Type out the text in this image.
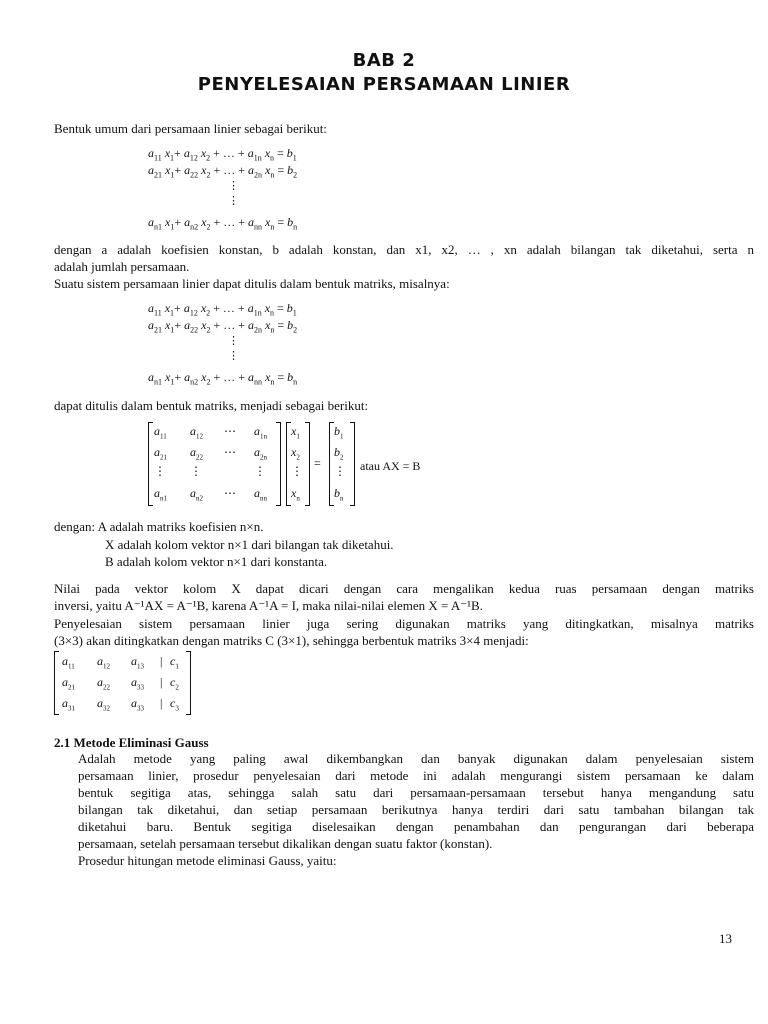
BAB 2
PENYELESAIAN PERSAMAAN LINIER
Bentuk umum dari persamaan linier sebagai berikut:
$a_{11}$ $x_1+ a_{12}$ $x_2$ + … + $a_{1n}$ $x_n = b_1$
$a_{21}$ $x_1+ a_{22}$ $x_2$ + … + $a_{2n}$ $x_n = b_2$
⋮
⋮
$a_{n1}$ $x_1+ a_{n2}$ $x_2$ + … + $a_{nn}$ $x_n = b_n$
dengan a adalah koefisien konstan, b adalah konstan, dan x1, x2, … , xn adalah bilangan tak diketahui, serta n
adalah jumlah persamaan.
Suatu sistem persamaan linier dapat ditulis dalam bentuk matriks, misalnya:
$a_{11}$ $x_1+ a_{12}$ $x_2$ + … + $a_{1n}$ $x_n = b_1$
$a_{21}$ $x_1+ a_{22}$ $x_2$ + … + $a_{2n}$ $x_n = b_2$
⋮
⋮
$a_{n1}$ $x_1+ a_{n2}$ $x_2$ + … + $a_{nn}$ $x_n = b_n$
dapat ditulis dalam bentuk matriks, menjadi sebagai berikut:
$a_{11}$ $a_{12}$ ⋯ $a_{1n}$
$a_{21}$ $a_{22}$ ⋯ $a_{2n}$
⋮ ⋮	⋮
$a_{n1}$ $a_{n2}$ ⋯ $a_{nn}$
$x_1$
$x_2$
⋮
$x_n$
=
$b_1$
$b_2$
⋮
$b_n$
atau AX = B
dengan: A adalah matriks koefisien n×n.
X adalah kolom vektor n×1 dari bilangan tak diketahui.
B adalah kolom vektor n×1 dari konstanta.
Nilai pada vektor kolom X dapat dicari dengan cara mengalikan kedua ruas persamaan dengan matriks
inversi, yaitu A⁻¹AX = A⁻¹B, karena A⁻¹A = I, maka nilai-nilai elemen X = A⁻¹B.
Penyelesaian sistem persamaan linier juga sering digunakan matriks yang ditingkatkan, misalnya matriks
(3×3) akan ditingkatkan dengan matriks C (3×1), sehingga berbentuk matriks 3×4 menjadi:
$a_{11}$ $a_{12}$ $a_{13}$ | $c_1$
$a_{21}$ $a_{22}$ $a_{33}$ | $c_2$
$a_{31}$ $a_{32}$ $a_{33}$ | $c_3$
2.1 Metode Eliminasi Gauss
Adalah metode yang paling awal dikembangkan dan banyak digunakan dalam penyelesaian sistem
persamaan linier, prosedur penyelesaian dari metode ini adalah mengurangi sistem persamaan ke dalam
bentuk segitiga atas, sehingga salah satu dari persamaan-persamaan tersebut hanya mengandung satu
bilangan tak diketahui, dan setiap persamaan berikutnya hanya terdiri dari satu tambahan bilangan tak
diketahui baru. Bentuk segitiga diselesaikan dengan penambahan dan pengurangan dari beberapa
persamaan, setelah persamaan tersebut dikalikan dengan suatu faktor (konstan).
Prosedur hitungan metode eliminasi Gauss, yaitu:
13
